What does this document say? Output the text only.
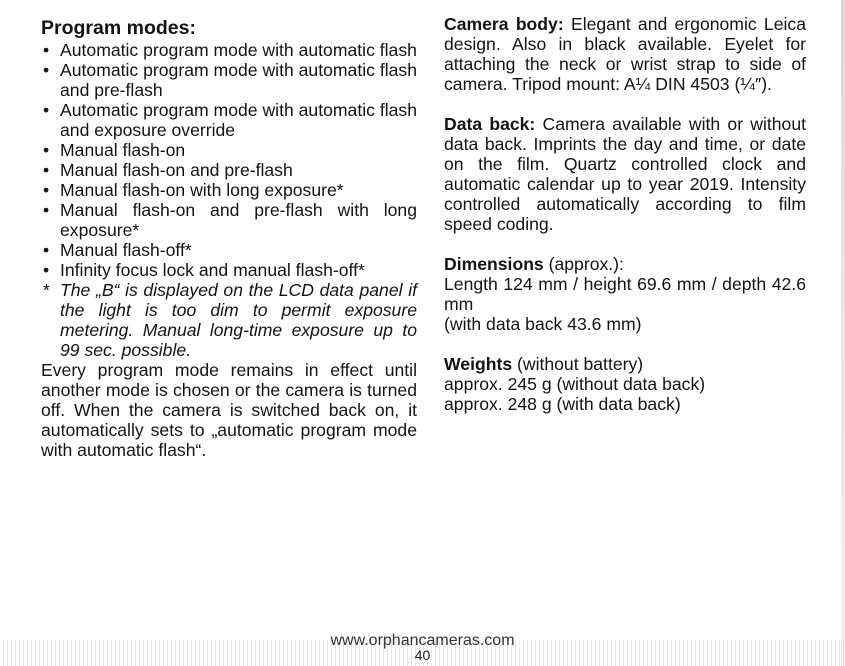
Program modes:
• Automatic program mode with automatic flash
• Automatic program mode with automatic flash and pre-flash
• Automatic program mode with automatic flash and exposure override
• Manual flash-on
• Manual flash-on and pre-flash
• Manual flash-on with long exposure*
• Manual flash-on and pre-flash with long exposure*
• Manual flash-off*
• Infinity focus lock and manual flash-off*
* The „B“ is displayed on the LCD data panel if the light is too dim to permit exposure metering. Manual long-time exposure up to 99 sec. possible.

Every program mode remains in effect until another mode is chosen or the camera is turned off. When the camera is switched back on, it automatically sets to „automatic program mode with automatic flash“.

Camera body: Elegant and ergonomic Leica design. Also in black available. Eyelet for attaching the neck or wrist strap to side of camera. Tripod mount: A¼ DIN 4503 (¼″).
Data back: Camera available with or without data back. Imprints the day and time, or date on the film. Quartz controlled clock and automatic calendar up to year 2019. Intensity controlled automatically according to film speed coding.
Dimensions (approx.):
Length 124 mm / height 69.6 mm / depth 42.6 mm
(with data back 43.6 mm)
Weights (without battery)
approx. 245 g (without data back)
approx. 248 g (with data back)
www.orphancameras.com
40
